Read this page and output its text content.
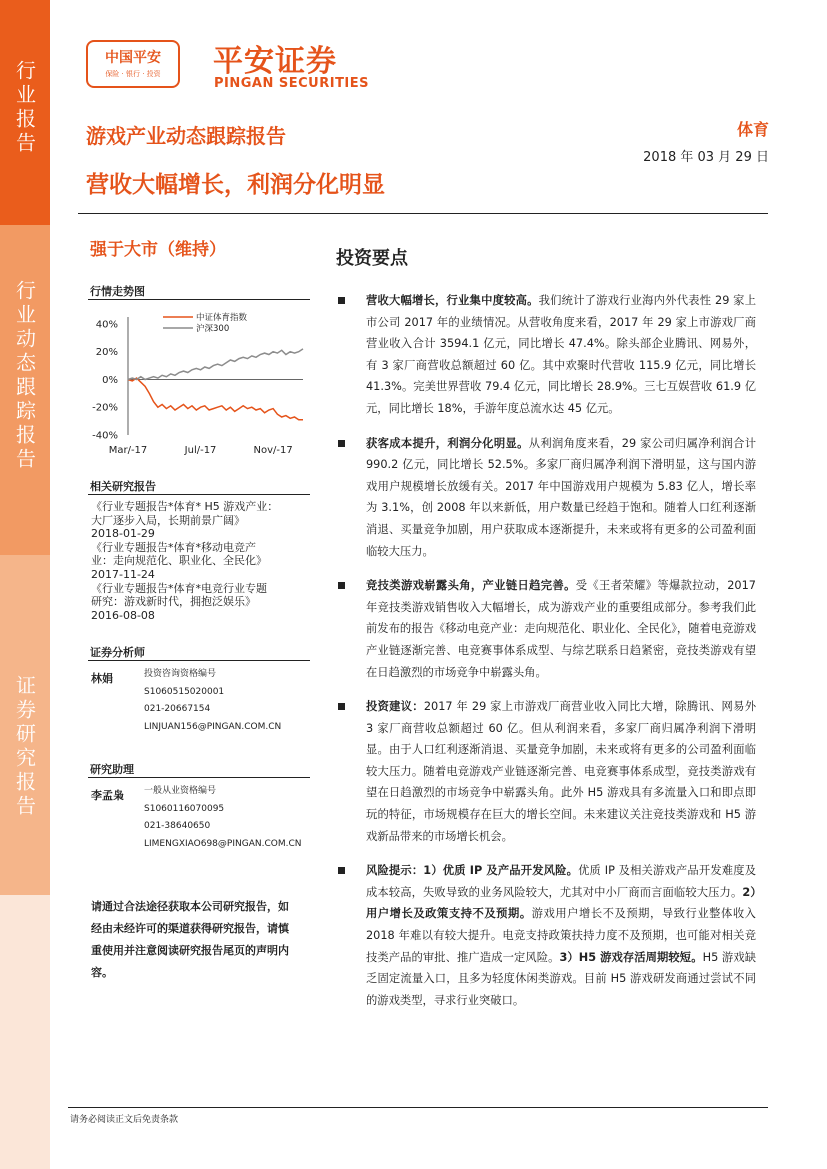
行业报告
行业动态跟踪报告
证券研究报告
中国平安
保险 · 银行 · 投资	平安证券
PINGAN SECURITIES
游戏产业动态跟踪报告
营收大幅增长，利润分化明显
体育
2018 年 03 月 29 日
强于大市（维持）
行情走势图
40%
20%
0%
-20%
-40%
Mar/-17	Jul/-17	Nov/-17
中证体育指数
沪深300
相关研究报告
《行业专题报告*体育* H5 游戏产业：
大厂逐步入局，长期前景广阔》
2018-01-29
《行业专题报告*体育*移动电竞产
业：走向规范化、职业化、全民化》
2017-11-24
《行业专题报告*体育*电竞行业专题
研究：游戏新时代，拥抱泛娱乐》
2016-08-08
证券分析师
林娟	投资咨询资格编号
S1060515020001
021-20667154
LINJUAN156@PINGAN.COM.CN
研究助理
李孟枭 一般从业资格编号
S1060116070095
021-38640650
LIMENGXIAO698@PINGAN.COM.CN
请通过合法途径获取本公司研究报告，如经由未经许可的渠道获得研究报告，请慎重使用并注意阅读研究报告尾页的声明内容。
投资要点
营收大幅增长，行业集中度较高。我们统计了游戏行业海内外代表性 29 家上市公司 2017 年的业绩情况。从营收角度来看，2017 年 29 家上市游戏厂商营业收入合计 3594.1 亿元，同比增长 47.4%。除头部企业腾讯、网易外，有 3 家厂商营收总额超过 60 亿。其中欢聚时代营收 115.9 亿元，同比增长 41.3%。完美世界营收 79.4 亿元，同比增长 28.9%。三七互娱营收 61.9 亿元，同比增长 18%，手游年度总流水达 45 亿元。
获客成本提升，利润分化明显。从利润角度来看，29 家公司归属净利润合计 990.2 亿元，同比增长 52.5%。多家厂商归属净利润下滑明显，这与国内游戏用户规模增长放缓有关。2017 年中国游戏用户规模为 5.83 亿人，增长率为 3.1%，创 2008 年以来新低，用户数量已经趋于饱和。随着人口红利逐渐消退、买量竞争加剧，用户获取成本逐渐提升，未来或将有更多的公司盈利面临较大压力。
竞技类游戏崭露头角，产业链日趋完善。受《王者荣耀》等爆款拉动，2017 年竞技类游戏销售收入大幅增长，成为游戏产业的重要组成部分。参考我们此前发布的报告《移动电竞产业：走向规范化、职业化、全民化》，随着电竞游戏产业链逐渐完善、电竞赛事体系成型、与综艺联系日趋紧密，竞技类游戏有望在日趋激烈的市场竞争中崭露头角。
投资建议：2017 年 29 家上市游戏厂商营业收入同比大增，除腾讯、网易外 3 家厂商营收总额超过 60 亿。但从利润来看，多家厂商归属净利润下滑明显。由于人口红利逐渐消退、买量竞争加剧，未来或将有更多的公司盈利面临较大压力。随着电竞游戏产业链逐渐完善、电竞赛事体系成型，竞技类游戏有望在日趋激烈的市场竞争中崭露头角。此外 H5 游戏具有多流量入口和即点即玩的特征，市场规模存在巨大的增长空间。未来建议关注竞技类游戏和 H5 游戏新品带来的市场增长机会。
风险提示：1）优质 IP 及产品开发风险。优质 IP 及相关游戏产品开发难度及成本较高，失败导致的业务风险较大，尤其对中小厂商而言面临较大压力。2）用户增长及政策支持不及预期。游戏用户增长不及预期，导致行业整体收入 2018 年难以有较大提升。电竞支持政策扶持力度不及预期，也可能对相关竞技类产品的审批、推广造成一定风险。3）H5 游戏存活周期较短。H5 游戏缺乏固定流量入口，且多为轻度休闲类游戏。目前 H5 游戏研发商通过尝试不同的游戏类型，寻求行业突破口。
请务必阅读正文后免责条款
